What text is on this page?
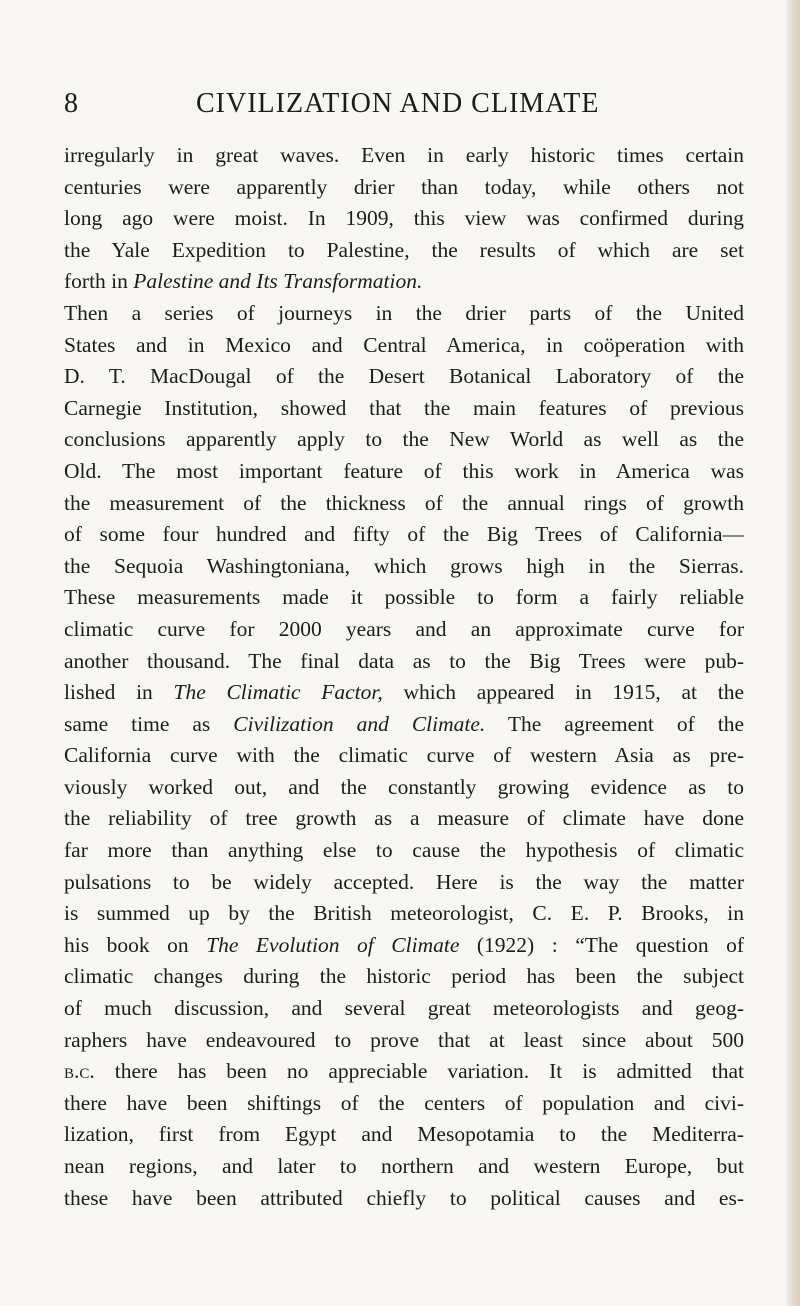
8	CIVILIZATION AND CLIMATE
irregularly in great waves. Even in early historic times certain
centuries were apparently drier than today, while others not
long ago were moist. In 1909, this view was confirmed during
the Yale Expedition to Palestine, the results of which are set
forth in Palestine and Its Transformation.
Then a series of journeys in the drier parts of the United
States and in Mexico and Central America, in coöperation with
D. T. MacDougal of the Desert Botanical Laboratory of the
Carnegie Institution, showed that the main features of previous
conclusions apparently apply to the New World as well as the
Old. The most important feature of this work in America was
the measurement of the thickness of the annual rings of growth
of some four hundred and fifty of the Big Trees of California—
the Sequoia Washingtoniana, which grows high in the Sierras.
These measurements made it possible to form a fairly reliable
climatic curve for 2000 years and an approximate curve for
another thousand. The final data as to the Big Trees were pub-
lished in The Climatic Factor, which appeared in 1915, at the
same time as Civilization and Climate. The agreement of the
California curve with the climatic curve of western Asia as pre-
viously worked out, and the constantly growing evidence as to
the reliability of tree growth as a measure of climate have done
far more than anything else to cause the hypothesis of climatic
pulsations to be widely accepted. Here is the way the matter
is summed up by the British meteorologist, C. E. P. Brooks, in
his book on The Evolution of Climate (1922) : “The question of
climatic changes during the historic period has been the subject
of much discussion, and several great meteorologists and geog-
raphers have endeavoured to prove that at least since about 500
b.c. there has been no appreciable variation. It is admitted that
there have been shiftings of the centers of population and civi-
lization, first from Egypt and Mesopotamia to the Mediterra-
nean regions, and later to northern and western Europe, but
these have been attributed chiefly to political causes and es-
